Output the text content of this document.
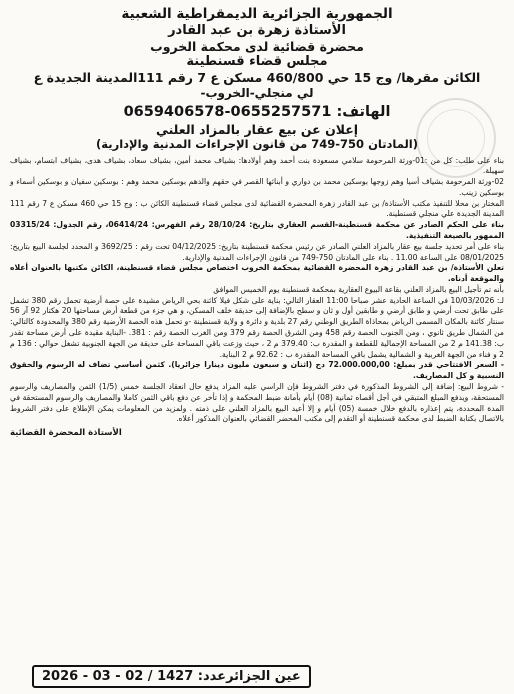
الجمهورية الجزائرية الديمقراطية الشعبية
الأستاذة زهرة بن عبد القادر
محضرة قضائية لدى محكمة الخروب
مجلس قضاء قسنطينة
الكائن مقرها/ وج 15 حي 460/800 مسكن ع 7 رقم 111المدينة الجديدة ع
لي منجلي-الخروب-
الهاتف: 0655257571-0659406578
إعلان عن بيع عقار بالمزاد العلني
(المادتان 750-749 من قانون الإجراءات المدنية والإدارية)

بناء على طلب: كل من :01-ورثة المرحومة سلامي مسعودة بنت أحمد وهم أولادها: بشياف محمد أمين، بشياف سعاد، بشياف هدى، بشياف ابتسام، بشياف سهيلة.

02-ورثة المرحومة بشياف أسيا وهم زوجها بوسكين محمد بن دواري و أبنائها القصر في حقهم والدهم بوسكين محمد وهم : بوسكين سفيان و بوسكين أسماء و بوسكين زينب.

المختار بن محلا للتنفيذ مكتب الأستاذة/ بن عبد القادر زهرة المحضرة القضائية لدى مجلس قضاء قسنطينة الكائن ب : وج 15 حي 460 مسكن ع 7 رقم 111 المدينة الجديدة علي منجلي قسنطينة.

بناء على الحكم الصادر عن محكمة قسنطينة-القسم العقاري بتاريخ: 28/10/24 رقم الفهرس: 06414/24، رقم الجدول: 03315/24 الممهور بالصيغة التنفيذية.

بناء على أمر تحديد جلسة بيع عقار بالمزاد العلني الصادر عن رئيس محكمة قسنطينة بتاريخ: 04/12/2025 تحت رقم : 3692/25 و المحدد لجلسة البيع بتاريخ: 08/01/2025 على الساعة 11.00 . بناء على المادتان 750-749 من قانون الإجراءات المدنية والإدارية.

تعلن الأستاذة/ بن عبد القادر زهرة المحضرة القضائية بمحكمة الخروب اختصاص مجلس قضاء قسنطينة، الكائن مكتبها بالعنوان أعلاه والموقعة أدناه.

بأنه تم تأجيل البيع بالمزاد العلني بقاعة البيوع العقارية بمحكمة قسنطينة يوم الخميس الموافق

لـ: 10/03/2026 في الساعة الحادية عشر صباحا 11:00 العقار التالي: بناية على شكل فيلا كائنة بحي الرياض مشيدة على حصة أرضية تحمل رقم 380 تشمل على طابق تحت أرضي و طابق أرضي و طابقين أول و ثان و سطح بالإضافة إلى حديقة خلف المسكن، و هي جزء من قطعة أرض مساحتها 20 هكتار 92 آر 56 سنتار كائنة بالمكان المسمى الرياض بمحاذاة الطريق الوطني رقم 27 بلدية و دائرة و ولاية قسنطينة -و تحمل هذه الحصة الأرضية رقم 380 والمحدودة كالتالي: من الشمال طريق ثانوي ، ومن الجنوب الحصة رقم 458 ومن الشرق الحصة رقم 379 ومن الغرب الحصة رقم : 381. -البناية مقيدة على أرض مساحة تقدر ب: 141.38 م 2 من المساحة الإجمالية للقطعة و المقدرة ب: 379.40 م 2 ، حيث وزعت باقي المساحة على حديقة من الجهة الجنوبية تشغل حوالي : 136 م 2 و فناء من الجهة الغربية و الشمالية يشمل باقي المساحة المقدرة ب : 92.62 م 2 البناية.

- السعر الافتتاحي قدر بمبلغ: 72.000.000,00 دج (اثنان و سبعون مليون دينارا جزائريا). كثمن أساسي تضاف له الرسوم والحقوق النسبية و كل المصاريف.

- شروط البيع: إضافة إلى الشروط المذكورة في دفتر الشروط فإن الراسي عليه المزاد يدفع حال انعقاد الجلسة خمس (1/5) الثمن والمصاريف والرسوم المستحقة، ويدفع المبلغ المتبقي في أجل أقصاه ثمانية (08) أيام بأمانة ضبط المحكمة و إذا تأخر عن دفع باقي الثمن كاملا والمصاريف والرسوم المستحقة في المدة المحددة، يتم إعذاره بالدفع خلال خمسة (05) أيام و إلا أعيد البيع بالمزاد العلني على ذمته . ولمزيد من المعلومات يمكن الإطلاع على دفتر الشروط بالاتصال بكتابة الضبط لدى محكمة قسنطينة أو التقدم إلى مكتب المحضر القضائي بالعنوان المذكور أعلاه.

الأستاذة المحضرة القضائية
عين الجزائرعدد: 1427 / 02 - 03 - 2026
